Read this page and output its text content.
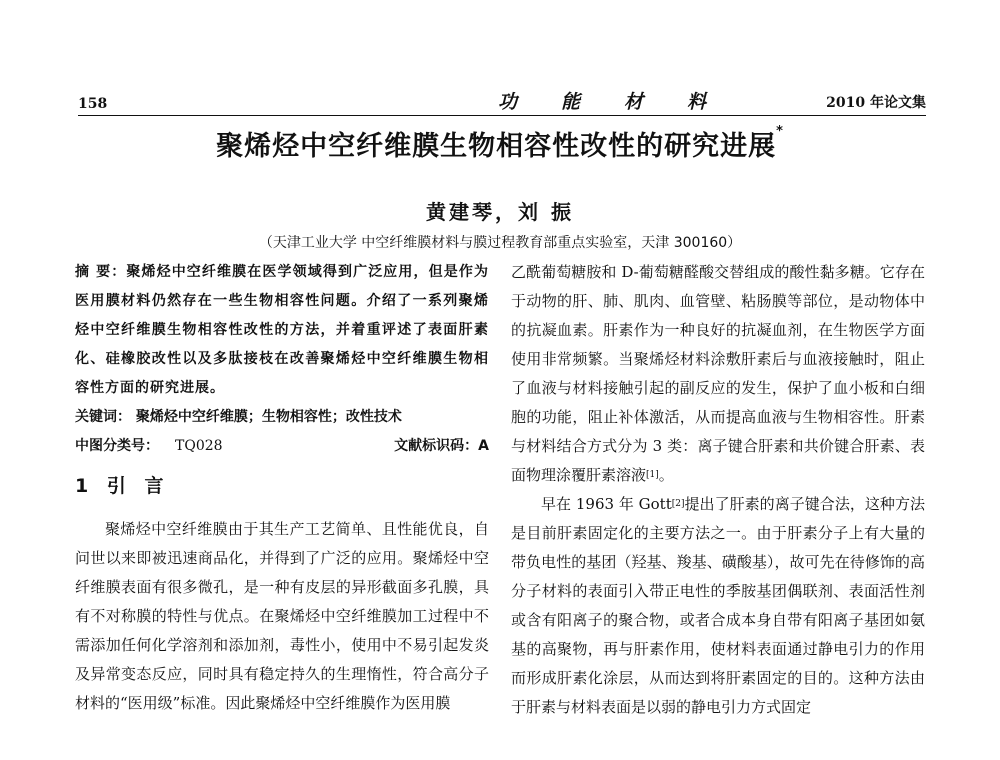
158	功能材料	2010 年论文集
聚烯烃中空纤维膜生物相容性改性的研究进展*
黄建琴，刘 振
（天津工业大学 中空纤维膜材料与膜过程教育部重点实验室，天津 300160）

摘 要：聚烯烃中空纤维膜在医学领域得到广泛应用，但是作为医用膜材料仍然存在一些生物相容性问题。介绍了一系列聚烯烃中空纤维膜生物相容性改性的方法，并着重评述了表面肝素化、硅橡胶改性以及多肽接枝在改善聚烯烃中空纤维膜生物相容性方面的研究进展。

关键词： 聚烯烃中空纤维膜；生物相容性；改性技术
中图分类号： TQ028	文献标识码：A
1 引 言

聚烯烃中空纤维膜由于其生产工艺简单、且性能优良，自问世以来即被迅速商品化，并得到了广泛的应用。聚烯烃中空纤维膜表面有很多微孔，是一种有皮层的异形截面多孔膜，具有不对称膜的特性与优点。在聚烯烃中空纤维膜加工过程中不需添加任何化学溶剂和添加剂，毒性小，使用中不易引起发炎及异常变态反应，同时具有稳定持久的生理惰性，符合高分子材料的“医用级”标准。因此聚烯烃中空纤维膜作为医用膜

乙酰葡萄糖胺和 D-葡萄糖醛酸交替组成的酸性黏多糖。它存在于动物的肝、肺、肌肉、血管壁、粘肠膜等部位，是动物体中的抗凝血素。肝素作为一种良好的抗凝血剂，在生物医学方面使用非常频繁。当聚烯烃材料涂敷肝素后与血液接触时，阻止了血液与材料接触引起的副反应的发生，保护了血小板和白细胞的功能，阻止补体激活，从而提高血液与生物相容性。肝素与材料结合方式分为 3 类：离子键合肝素和共价键合肝素、表面物理涂覆肝素溶液[1]。

早在 1963 年 Gott[2]提出了肝素的离子键合法，这种方法是目前肝素固定化的主要方法之一。由于肝素分子上有大量的带负电性的基团（羟基、羧基、磺酸基），故可先在待修饰的高分子材料的表面引入带正电性的季胺基团偶联剂、表面活性剂或含有阳离子的聚合物，或者合成本身自带有阳离子基团如氨基的高聚物，再与肝素作用，使材料表面通过静电引力的作用而形成肝素化涂层，从而达到将肝素固定的目的。这种方法由于肝素与材料表面是以弱的静电引力方式固定
